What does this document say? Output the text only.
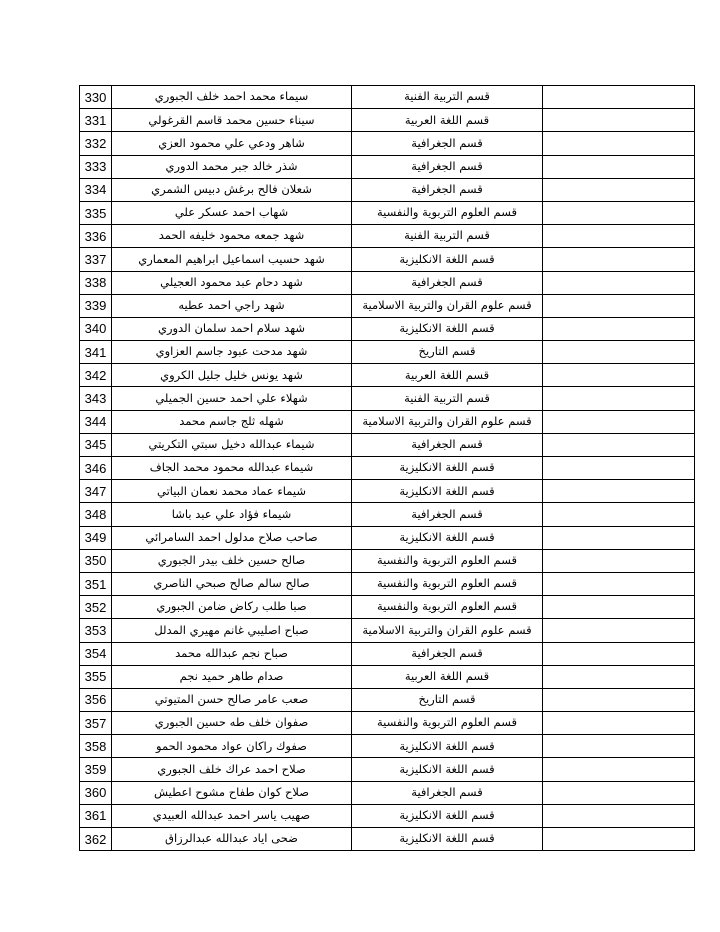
330	سيماء محمد احمد خلف الجبوري	قسم التربية الفنية	
331	سيناء حسين محمد قاسم القرغولي	قسم اللغة العربية	
332	شاهر ودعي علي محمود العزي	قسم الجغرافية	
333	شذر خالد جبر محمد الدوري	قسم الجغرافية	
334	شعلان فالح برغش دبيس الشمري	قسم الجغرافية	
335	شهاب احمد عسكر علي	قسم العلوم التربوية والنفسية	
336	شهد جمعه محمود خليفه الحمد	قسم التربية الفنية	
337	شهد حسيب اسماعيل ابراهيم المعماري	قسم اللغة الانكليزية	
338	شهد دحام عبد محمود العجيلي	قسم الجغرافية	
339	شهد راجي احمد عطيه	قسم علوم القران والتربية الاسلامية	
340	شهد سلام احمد سلمان الدوري	قسم اللغة الانكليزية	
341	شهد مدحت عبود جاسم العزاوي	قسم التاريخ	
342	شهد يونس خليل جليل الكروي	قسم اللغة العربية	
343	شهلاء علي احمد حسين الجميلي	قسم التربية الفنية	
344	شهله ثلج جاسم محمد	قسم علوم القران والتربية الاسلامية	
345	شيماء عبدالله دخيل سبتي التكريتي	قسم الجغرافية	
346	شيماء عبدالله محمود محمد الجاف	قسم اللغة الانكليزية	
347	شيماء عماد محمد نعمان البياتي	قسم اللغة الانكليزية	
348	شيماء فؤاد علي عبد باشا	قسم الجغرافية	
349	صاحب صلاح مدلول احمد السامرائي	قسم اللغة الانكليزية	
350	صالح حسين خلف بيدر الجبوري	قسم العلوم التربوية والنفسية	
351	صالح سالم صالح صبحي الناصري	قسم العلوم التربوية والنفسية	
352	صبا طلب ركاض ضامن الجبوري	قسم العلوم التربوية والنفسية	
353	صباح اصليبي غانم مهيري المدلل	قسم علوم القران والتربية الاسلامية	
354	صباح نجم عبدالله محمد	قسم الجغرافية	
355	صدام طاهر حميد نجم	قسم اللغة العربية	
356	صعب عامر صالح حسن المتيوتي	قسم التاريخ	
357	صفوان خلف طه حسين الجبوري	قسم العلوم التربوية والنفسية	
358	صفوك راكان عواد محمود الحمو	قسم اللغة الانكليزية	
359	صلاح احمد عراك خلف الجبوري	قسم اللغة الانكليزية	
360	صلاح كوان طفاح مشوح اعطيش	قسم الجغرافية	
361	صهيب ياسر احمد عبدالله العبيدي	قسم اللغة الانكليزية	
362	ضحى اياد عبدالله عبدالرزاق	قسم اللغة الانكليزية	
